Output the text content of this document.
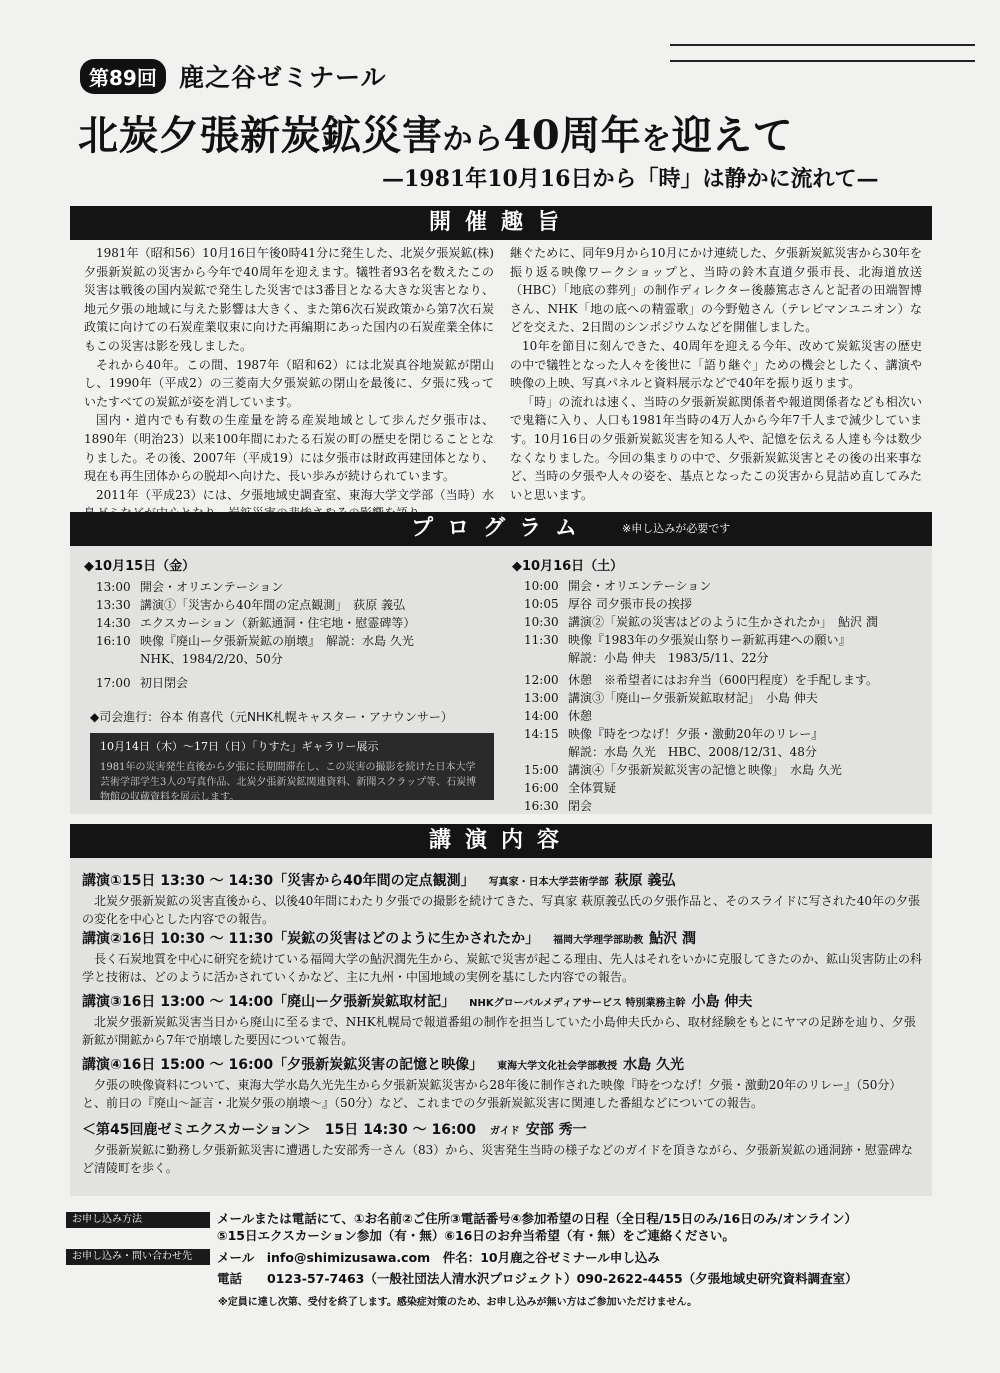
第89回 鹿之谷ゼミナール
北炭夕張新炭鉱災害から40周年を迎えて
—1981年10月16日から「時」は静かに流れて—
開催趣旨

1981年（昭和56）10月16日午後0時41分に発生した、北炭夕張炭鉱(株)夕張新炭鉱の災害から今年で40周年を迎えます。犠牲者93名を数えたこの災害は戦後の国内炭鉱で発生した災害では3番目となる大きな災害となり、地元夕張の地域に与えた影響は大きく、また第6次石炭政策から第7次石炭政策に向けての石炭産業収束に向けた再編期にあった国内の石炭産業全体にもこの災害は影を残しました。

それから40年。この間、1987年（昭和62）には北炭真谷地炭鉱が閉山し、1990年（平成2）の三菱南大夕張炭鉱の閉山を最後に、夕張に残っていたすべての炭鉱が姿を消しています。

国内・道内でも有数の生産量を誇る産炭地域として歩んだ夕張市は、1890年（明治23）以来100年間にわたる石炭の町の歴史を閉じることとなりました。その後、2007年（平成19）には夕張市は財政再建団体となり、現在も再生団体からの脱却へ向けた、長い歩みが続けられています。

2011年（平成23）には、夕張地域史調査室、東海大学文学部（当時）水

継ぐために、同年9月から10月にかけ連続した、夕張新炭鉱災害から30年を振り返る映像ワークショップと、当時の鈴木直道夕張市長、北海道放送（HBC）「地底の葬列」の制作ディレクター後藤篤志さんと記者の田端智博さん、NHK「地の底への精霊歌」の今野勉さん（テレビマンユニオン）などを交えた、2日間のシンポジウムなどを開催しました。

10年を節目に刻んできた、40周年を迎える今年、改めて炭鉱災害の歴史の中で犠牲となった人々を後世に「語り継ぐ」ための機会としたく、講演や映像の上映、写真パネルと資料展示などで40年を振り返ります。

「時」の流れは速く、当時の夕張新炭鉱関係者や報道関係者なども相次いで鬼籍に入り、人口も1981年当時の4万人から今年7千人まで減少しています。10月16日の夕張新炭鉱災害を知る人や、記憶を伝える人達も今は数少なくなりました。今回の集まりの中で、夕張新炭鉱災害とその後の出来事など、当時の夕張や人々の姿を、基点となったこの災害から見詰め直してみたいと思います。

プログラム	※申し込みが必要です
◆10月15日（金）
13:00 開会・オリエンテーション
13:30 講演①「災害から40年間の定点観測」　荻原 義弘
14:30 エクスカーション（新鉱通洞・住宅地・慰霊碑等）
16:10 映像『廃山ー夕張新炭鉱の崩壊』　解説：水島 久光
NHK、1984/2/20、50分
17:00 初日閉会
◆司会進行：谷本 侑喜代（元NHK札幌キャスター・アナウンサー）
10月14日（木）〜17日（日）「りすた」ギャラリー展示
1981年の災害発生直後から夕張に長期間滞在し、この災害の撮影を続けた日本大学芸術学部学生3人の写真作品、北炭夕張新炭鉱関連資料、新聞スクラップ等、石炭博物館の収蔵資料を展示します。
◆10月16日（土）
10:00 開会・オリエンテーション
10:05 厚谷 司夕張市長の挨拶
10:30 講演②「炭鉱の災害はどのように生かされたか」　鮎沢 潤
11:30 映像『1983年の夕張炭山祭りー新鉱再建への願い』
解説：小島 伸夫　1983/5/11、22分
12:00 休憩　※希望者にはお弁当（600円程度）を手配します。
13:00 講演③「廃山ー夕張新炭鉱取材記」　小島 伸夫
14:00 休憩
14:15 映像『時をつなげ！夕張・激動20年のリレー』
解説：水島 久光　HBC、2008/12/31、48分
15:00 講演④「夕張新炭鉱災害の記憶と映像」　水島 久光
16:00 全体質疑
16:30 閉会
講演内容
講演①15日 13:30 〜 14:30「災害から40年間の定点観測」 写真家・日本大学芸術学部 萩原 義弘
北炭夕張新炭鉱の災害直後から、以後40年間にわたり夕張での撮影を続けてきた、写真家 萩原義弘氏の夕張作品と、そのスライドに写された40年の夕張の変化を中心とした内容での報告。
講演②16日 10:30 〜 11:30「炭鉱の災害はどのように生かされたか」 福岡大学理学部助教 鮎沢 潤
長く石炭地質を中心に研究を続けている福岡大学の鮎沢潤先生から、炭鉱で災害が起こる理由、先人はそれをいかに克服してきたのか、鉱山災害防止の科学と技術は、どのように活かされていくかなど、主に九州・中国地域の実例を基にした内容での報告。
講演③16日 13:00 〜 14:00「廃山ー夕張新炭鉱取材記」 NHKグローバルメディアサービス 特別業務主幹 小島 伸夫
北炭夕張新炭鉱災害当日から廃山に至るまで、NHK札幌局で報道番組の制作を担当していた小島伸夫氏から、取材経験をもとにヤマの足跡を辿り、夕張新鉱が開鉱から7年で崩壊した要因について報告。
講演④16日 15:00 〜 16:00「夕張新炭鉱災害の記憶と映像」 東海大学文化社会学部教授 水島 久光
夕張の映像資料について、東海大学水島久光先生から夕張新炭鉱災害から28年後に制作された映像『時をつなげ！夕張・激動20年のリレー』（50分）と、前日の『廃山〜証言・北炭夕張の崩壊〜』（50分）など、これまでの夕張新炭鉱災害に関連した番組などについての報告。
＜第45回鹿ゼミエクスカーション＞　15日 14:30 〜 16:00 ガイド 安部 秀一
夕張新炭鉱に勤務し夕張新鉱災害に遭遇した安部秀一さん（83）から、災害発生当時の様子などのガイドを頂きながら、夕張新炭鉱の通洞跡・慰霊碑など清陵町を歩く。
お申し込み方法	メールまたは電話にて、①お名前②ご住所③電話番号④参加希望の日程（全日程/15日のみ/16日のみ/オンライン）
⑤15日エクスカーション参加（有・無）⑥16日のお弁当希望（有・無）をご連絡ください。
お申し込み・問い合わせ先	メール　info@shimizusawa.com　件名：10月鹿之谷ゼミナール申し込み
電話　　0123-57-7463（一般社団法人清水沢プロジェクト）090-2622-4455（夕張地域史研究資料調査室）
※定員に達し次第、受付を終了します。感染症対策のため、お申し込みが無い方はご参加いただけません。
